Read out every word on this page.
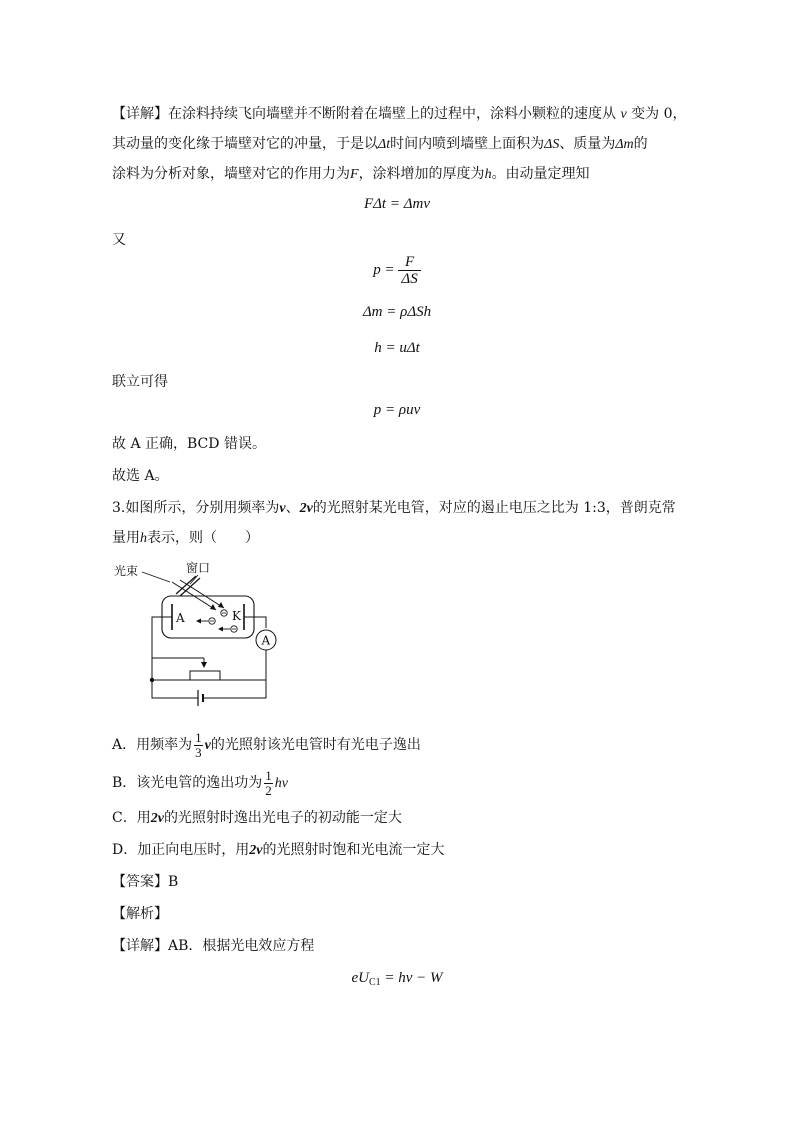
【详解】在涂料持续飞向墙壁并不断附着在墙壁上的过程中，涂料小颗粒的速度从 v 变为 0，
其动量的变化缘于墙壁对它的冲量，于是以Δt时间内喷到墙壁上面积为ΔS、质量为Δm的
涂料为分析对象，墙壁对它的作用力为F，涂料增加的厚度为h。由动量定理知
FΔt = Δmv
又
$p = \frac{F}{\Delta S}$
Δm = ρΔSh
h = uΔt
联立可得
p = ρuv
故 A 正确，BCD 错误。
故选 A。
3.如图所示，分别用频率为ν、2ν的光照射某光电管，对应的遏止电压之比为 1:3，普朗克常
量用h表示，则（　　）
光束	窗口
A	K
A
A．用频率为 $\frac{1}{3}$ ν的光照射该光电管时有光电子逸出
B．该光电管的逸出功为 $\frac{1}{2}$ hν
C．用2ν的光照射时逸出光电子的初动能一定大
D．加正向电压时，用2ν的光照射时饱和光电流一定大
【答案】B
【解析】
【详解】AB．根据光电效应方程
$eU_{C1} = h\nu - W$
